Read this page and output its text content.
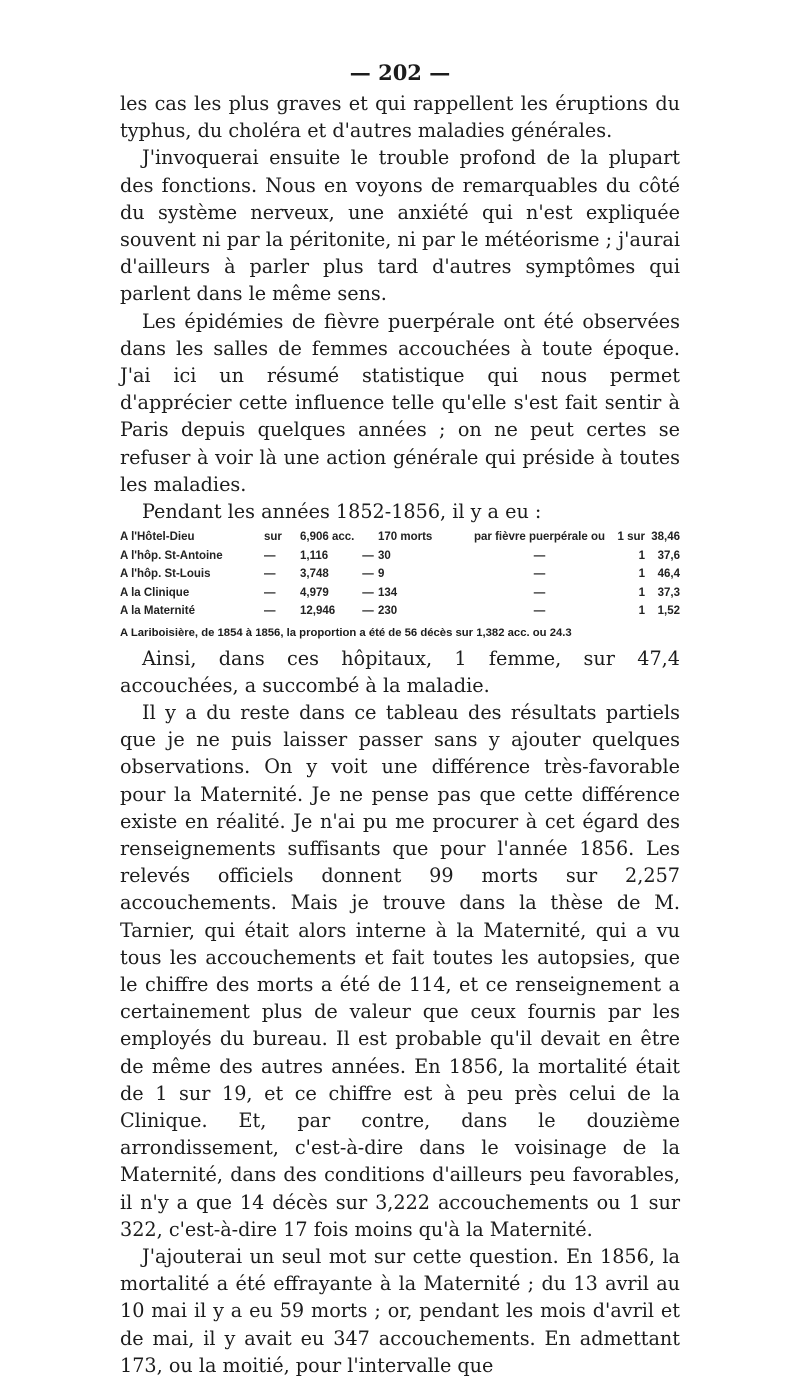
— 202 —

les cas les plus graves et qui rappellent les éruptions du typhus, du choléra et d'autres maladies générales.

J'invoquerai ensuite le trouble profond de la plupart des fonctions. Nous en voyons de remarquables du côté du système nerveux, une anxiété qui n'est expliquée souvent ni par la péritonite, ni par le météorisme ; j'aurai d'ailleurs à parler plus tard d'autres symptômes qui parlent dans le même sens.

Les épidémies de fièvre puerpérale ont été observées dans les salles de femmes accouchées à toute époque. J'ai ici un résumé statistique qui nous permet d'apprécier cette influence telle qu'elle s'est fait sentir à Paris depuis quelques années ; on ne peut certes se refuser à voir là une action générale qui préside à toutes les maladies.

Pendant les années 1852-1856, il y a eu :

A l'Hôtel-Dieu	sur	6,906 acc.		170 morts	par fièvre puerpérale ou	1 sur	38,46
A l'hôp. St-Antoine	—	1,116	—	30	—	1	37,6
A l'hôp. St-Louis	—	3,748	—	9	—	1	46,4
A la Clinique	—	4,979	—	134	—	1	37,3
A la Maternité	—	12,946	—	230	—	1	1,52

A Lariboisière, de 1854 à 1856, la proportion a été de 56 décès sur 1,382 acc. ou 24.3

Ainsi, dans ces hôpitaux, 1 femme, sur 47,4 accouchées, a succombé à la maladie.

Il y a du reste dans ce tableau des résultats partiels que je ne puis laisser passer sans y ajouter quelques observations. On y voit une différence très-favorable pour la Maternité. Je ne pense pas que cette différence existe en réalité. Je n'ai pu me procurer à cet égard des renseignements suffisants que pour l'année 1856. Les relevés officiels donnent 99 morts sur 2,257 accouchements. Mais je trouve dans la thèse de M. Tarnier, qui était alors interne à la Maternité, qui a vu tous les accouchements et fait toutes les autopsies, que le chiffre des morts a été de 114, et ce renseignement a certainement plus de valeur que ceux fournis par les employés du bureau. Il est probable qu'il devait en être de même des autres années. En 1856, la mortalité était de 1 sur 19, et ce chiffre est à peu près celui de la Clinique. Et, par contre, dans le douzième arrondissement, c'est-à-dire dans le voisinage de la Maternité, dans des conditions d'ailleurs peu favorables, il n'y a que 14 décès sur 3,222 accouchements ou 1 sur 322, c'est-à-dire 17 fois moins qu'à la Maternité.

J'ajouterai un seul mot sur cette question. En 1856, la mortalité a été effrayante à la Maternité ; du 13 avril au 10 mai il y a eu 59 morts ; or, pendant les mois d'avril et de mai, il y avait eu 347 accouchements. En admettant 173, ou la moitié, pour l'intervalle que
